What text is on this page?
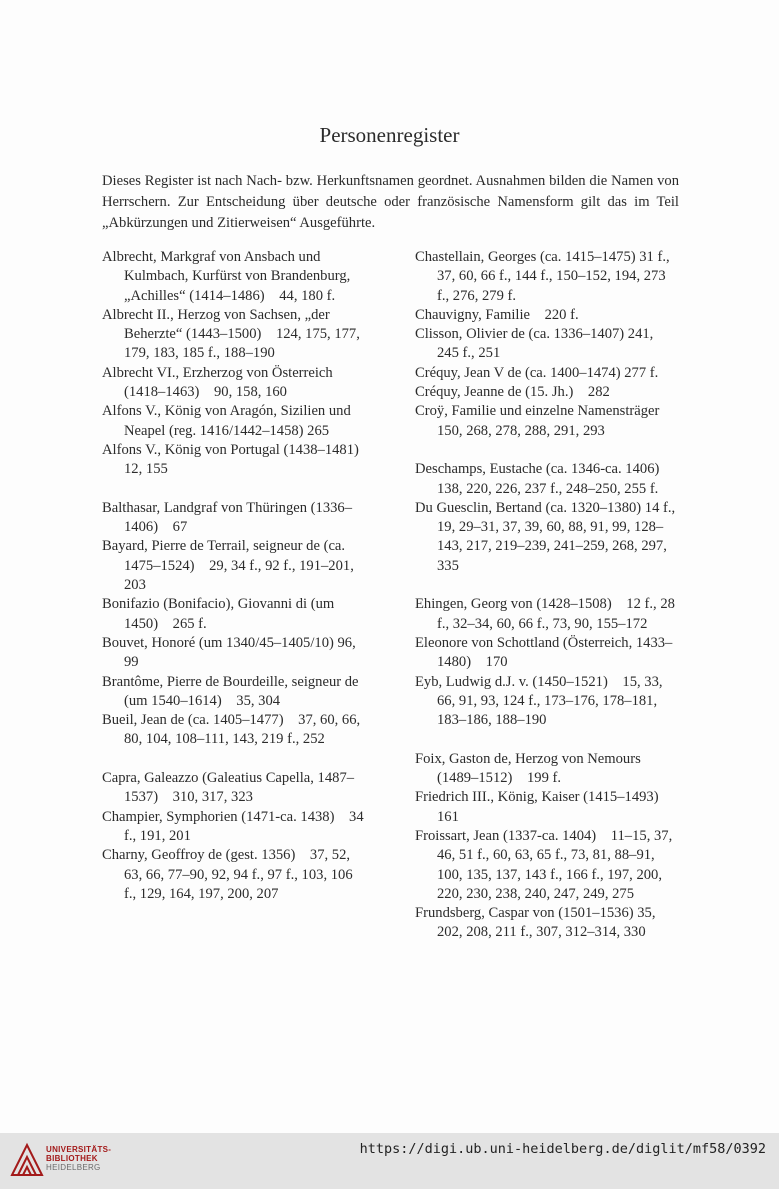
Personenregister
Dieses Register ist nach Nach- bzw. Herkunftsnamen geordnet. Ausnahmen bilden die Namen von Herrschern. Zur Entscheidung über deutsche oder französische Namensform gilt das im Teil „Abkürzungen und Zitierweisen“ Ausgeführte.
Albrecht, Markgraf von Ansbach und Kulmbach, Kurfürst von Brandenburg, „Achilles“ (1414–1486)    44, 180 f.
Albrecht II., Herzog von Sachsen, „der Beherzte“ (1443–1500)    124, 175, 177, 179, 183, 185 f., 188–190
Albrecht VI., Erzherzog von Österreich (1418–1463)    90, 158, 160
Alfons V., König von Aragón, Sizilien und Neapel (reg. 1416/1442–1458) 265
Alfons V., König von Portugal (1438–1481)    12, 155
Balthasar, Landgraf von Thüringen (1336–1406)    67
Bayard, Pierre de Terrail, seigneur de (ca. 1475–1524)    29, 34 f., 92 f., 191–201, 203
Bonifazio (Bonifacio), Giovanni di (um 1450)    265 f.
Bouvet, Honoré (um 1340/45–1405/10) 96, 99
Brantôme, Pierre de Bourdeille, seigneur de (um 1540–1614)    35, 304
Bueil, Jean de (ca. 1405–1477)    37, 60, 66, 80, 104, 108–111, 143, 219 f., 252
Capra, Galeazzo (Galeatius Capella, 1487–1537)    310, 317, 323
Champier, Symphorien (1471-ca. 1438)    34 f., 191, 201
Charny, Geoffroy de (gest. 1356)    37, 52, 63, 66, 77–90, 92, 94 f., 97 f., 103, 106 f., 129, 164, 197, 200, 207
Chastellain, Georges (ca. 1415–1475) 31 f., 37, 60, 66 f., 144 f., 150–152, 194, 273 f., 276, 279 f.
Chauvigny, Familie    220 f.
Clisson, Olivier de (ca. 1336–1407) 241, 245 f., 251
Créquy, Jean V de (ca. 1400–1474) 277 f.
Créquy, Jeanne de (15. Jh.)    282
Croÿ, Familie und einzelne Namensträger    150, 268, 278, 288, 291, 293
Deschamps, Eustache (ca. 1346-ca. 1406)    138, 220, 226, 237 f., 248–250, 255 f.
Du Guesclin, Bertand (ca. 1320–1380) 14 f., 19, 29–31, 37, 39, 60, 88, 91, 99, 128–143, 217, 219–239, 241–259, 268, 297, 335
Ehingen, Georg von (1428–1508)    12 f., 28 f., 32–34, 60, 66 f., 73, 90, 155–172
Eleonore von Schottland (Österreich, 1433–1480)    170
Eyb, Ludwig d.J. v. (1450–1521)    15, 33, 66, 91, 93, 124 f., 173–176, 178–181, 183–186, 188–190
Foix, Gaston de, Herzog von Nemours (1489–1512)    199 f.
Friedrich III., König, Kaiser (1415–1493)    161
Froissart, Jean (1337-ca. 1404)    11–15, 37, 46, 51 f., 60, 63, 65 f., 73, 81, 88–91, 100, 135, 137, 143 f., 166 f., 197, 200, 220, 230, 238, 240, 247, 249, 275
Frundsberg, Caspar von (1501–1536) 35, 202, 208, 211 f., 307, 312–314, 330
UNIVERSITÄTS-
BIBLIOTHEK
HEIDELBERG
https://digi.ub.uni-heidelberg.de/diglit/mf58/0392
